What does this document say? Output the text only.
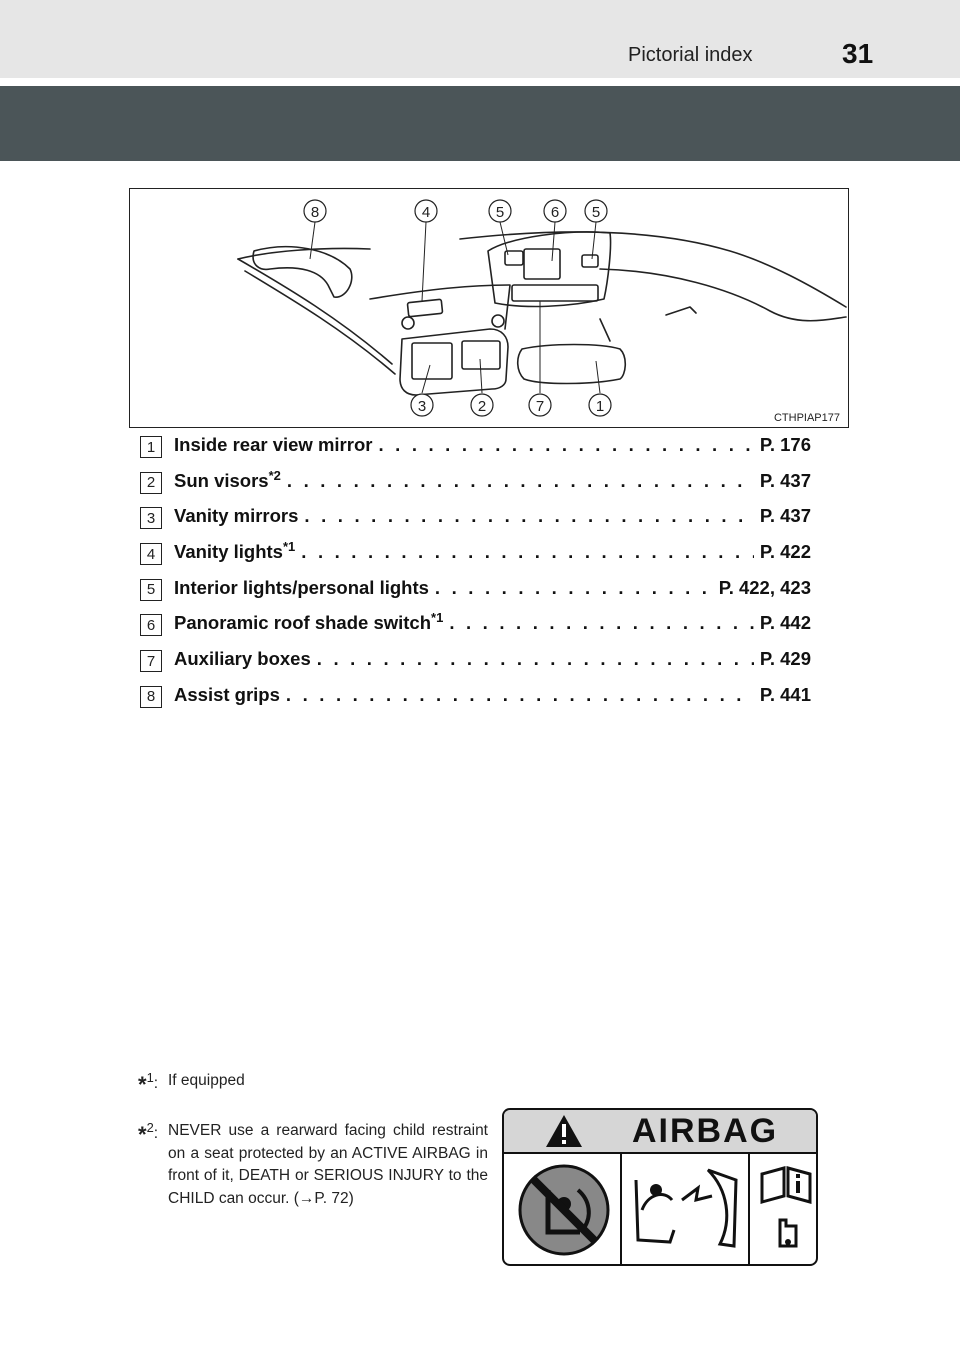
Pictorial index	31
8	4	5	6 5
3	2	7	1
CTHPIAP177
1	Inside rear view mirror . . .	P. 176
2	Sun visors$^{*2}$ . . .	P. 437
3	Vanity mirrors . . .	P. 437
4	Vanity lights$^{*1}$ . . .	P. 422
5	Interior lights/personal lights . . .	P. 422, 423
6	Panoramic roof shade switch$^{*1}$ . . .	P. 442
7	Auxiliary boxes . . .	P. 429
8	Assist grips . . .	P. 441
*$^1$: If equipped
*$^2$: NEVER use a rearward facing child restraint on a seat protected by an ACTIVE AIRBAG in front of it, DEATH or SERIOUS INJURY to the CHILD can occur. (→P. 72)
AIRBAG
